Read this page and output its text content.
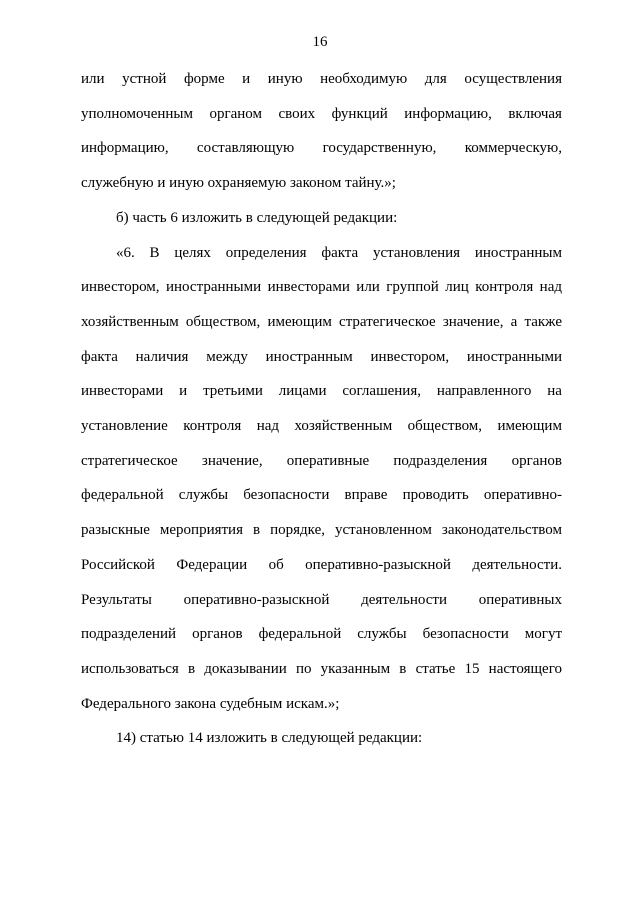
16
или устной форме и иную необходимую для осуществления
уполномоченным органом своих функций информацию, включая
информацию, составляющую государственную, коммерческую,
служебную и иную охраняемую законом тайну.»;
б) часть 6 изложить в следующей редакции:
«6. В целях определения факта установления иностранным
инвестором, иностранными инвесторами или группой лиц контроля над
хозяйственным обществом, имеющим стратегическое значение, а также
факта наличия между иностранным инвестором, иностранными
инвесторами и третьими лицами соглашения, направленного на
установление контроля над хозяйственным обществом, имеющим
стратегическое значение, оперативные подразделения органов
федеральной службы безопасности вправе проводить оперативно-
разыскные мероприятия в порядке, установленном законодательством
Российской Федерации об оперативно-разыскной деятельности.
Результаты оперативно-разыскной деятельности оперативных
подразделений органов федеральной службы безопасности могут
использоваться в доказывании по указанным в статье 15 настоящего
Федерального закона судебным искам.»;
14) статью 14 изложить в следующей редакции:
